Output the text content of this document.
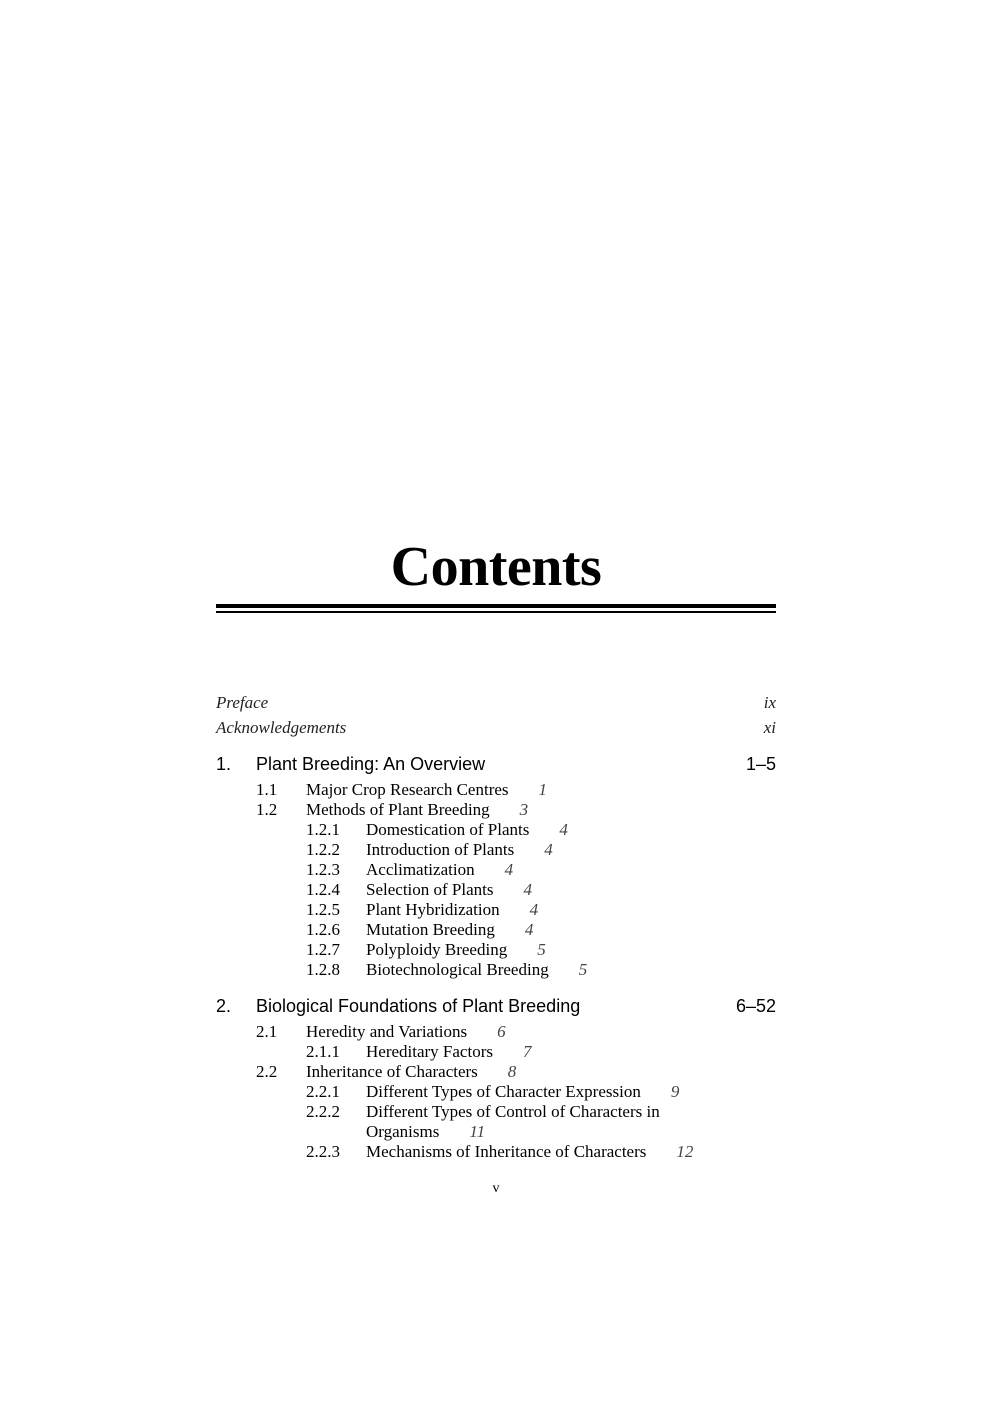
Contents
Preface	ix
Acknowledgements	xi
1. Plant Breeding: An Overview	1–5
1.1 Major Crop Research Centres 1
1.2 Methods of Plant Breeding 3
1.2.1 Domestication of Plants 4
1.2.2 Introduction of Plants 4
1.2.3 Acclimatization 4
1.2.4 Selection of Plants 4
1.2.5 Plant Hybridization 4
1.2.6 Mutation Breeding 4
1.2.7 Polyploidy Breeding 5
1.2.8 Biotechnological Breeding 5
2. Biological Foundations of Plant Breeding	6–52
2.1 Heredity and Variations 6
2.1.1 Hereditary Factors 7
2.2 Inheritance of Characters 8
2.2.1 Different Types of Character Expression 9
2.2.2 Different Types of Control of Characters in
Organisms 11
2.2.3 Mechanisms of Inheritance of Characters 12
v
